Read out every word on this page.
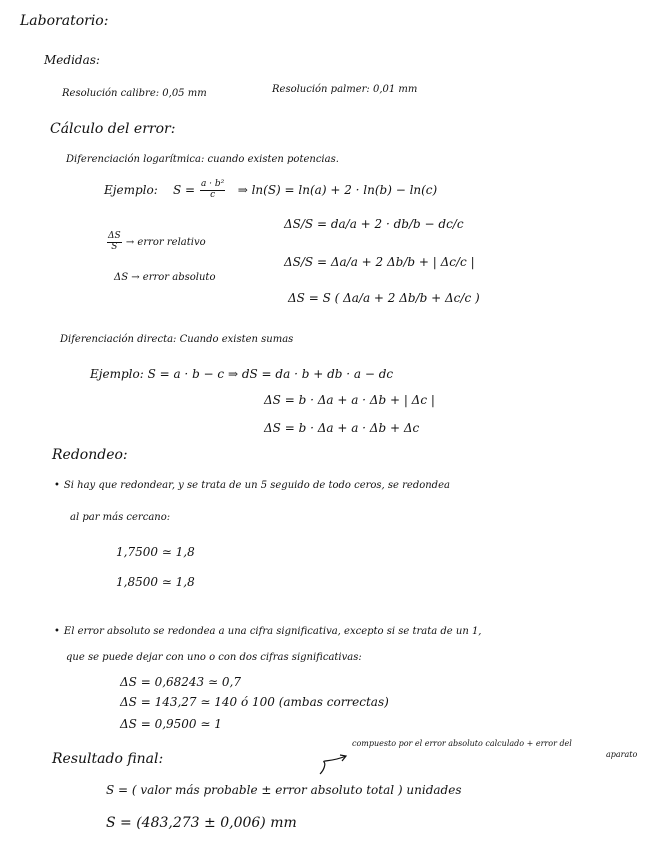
Laboratorio:
Medidas:
Resolución calibre: 0,05 mm	Resolución palmer: 0,01 mm
Cálculo del error:
Diferenciación logarítmica: cuando existen potencias.
Ejemplo: $S = \frac{\text{a · b²}}{c}$ ⇒ ln(S) = ln(a) + 2 · ln(b) − ln(c)
ΔS/S = da/a + 2 · db/b − dc/c
$\frac{\Delta S}{S}$ → error relativo
ΔS/S = Δa/a + 2 Δb/b + | Δc/c |
ΔS → error absoluto
ΔS = S ( Δa/a + 2 Δb/b + Δc/c )
Diferenciación directa: Cuando existen sumas
Ejemplo: S = a · b − c ⇒ dS = da · b + db · a − dc
ΔS = b · Δa + a · Δb + | Δc |
ΔS = b · Δa + a · Δb + Δc
Redondeo:
• Si hay que redondear, y se trata de un 5 seguido de todo ceros, se redondea
al par más cercano:
1,7500 ≃ 1,8
1,8500 ≃ 1,8
• El error absoluto se redondea a una cifra significativa, excepto si se trata de un 1,
que se puede dejar con uno o con dos cifras significativas:
ΔS = 0,68243 ≃ 0,7
ΔS = 143,27 ≃ 140 ó 100 (ambas correctas)
ΔS = 0,9500 ≃ 1
Resultado final:
compuesto por el error absoluto calculado + error del
aparato
S = ( valor más probable ± error absoluto total ) unidades
S = (483,273 ± 0,006) mm
